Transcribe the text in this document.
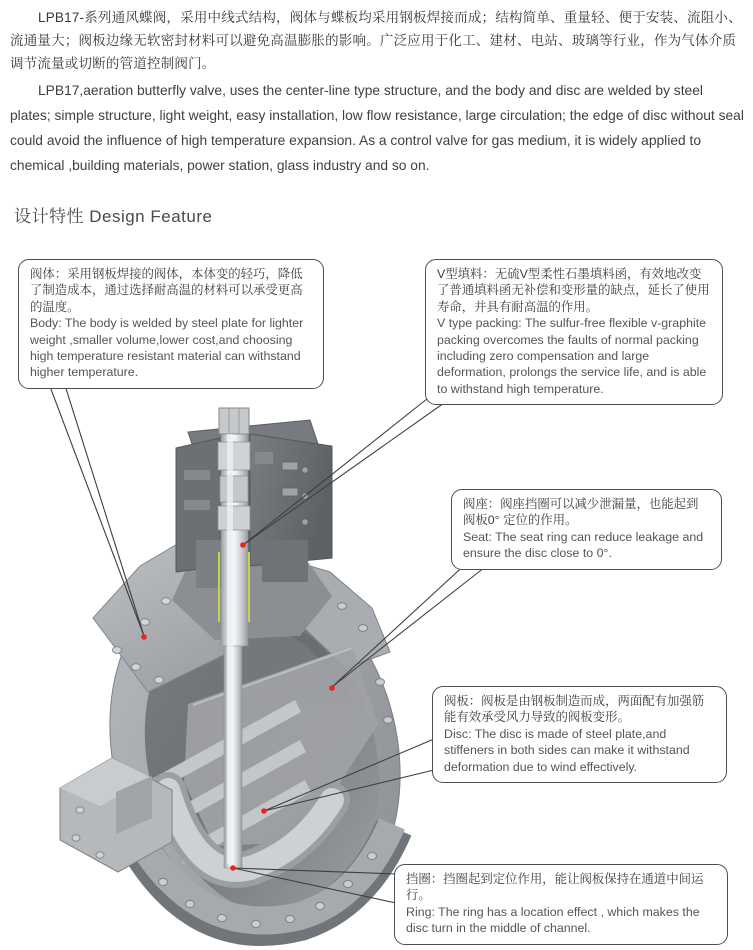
LPB17-系列通风蝶阀，采用中线式结构，阀体与蝶板均采用钢板焊接而成；结构简单、重量轻、便于安装、流阻小、流通量大；阀板边缘无软密封材料可以避免高温膨胀的影响。广泛应用于化工、建材、电站、玻璃等行业，作为气体介质调节流量或切断的管道控制阀门。

LPB17,aeration butterfly valve, uses the center-line type structure, and the body and disc are welded by steel plates; simple structure, light weight, easy installation, low flow resistance, large circulation; the edge of disc without seal could avoid the influence of high temperature expansion. As a control valve for gas medium, it is widely applied to chemical ,building materials, power station, glass industry and so on.

设计特性 Design Feature
阀体：采用钢板焊接的阀体，本体变的轻巧，降低了制造成本，通过选择耐高温的材料可以承受更高的温度。
Body: The body is welded by steel plate for lighter weight ,smaller volume,lower cost,and choosing high temperature resistant material can withstand higher temperature.
V型填料：无硫V型柔性石墨填料函，有效地改变了普通填料函无补偿和变形量的缺点，延长了使用寿命，并具有耐高温的作用。
V type packing: The sulfur-free flexible v-graphite packing overcomes the faults of normal packing including zero compensation and large deformation, prolongs the service life, and is able to withstand high temperature.
阀座：阀座挡圈可以减少泄漏量，也能起到阀板0° 定位的作用。
Seat: The seat ring can reduce leakage and ensure the disc close to 0°.
阀板：阀板是由钢板制造而成，两面配有加强筋能有效承受风力导致的阀板变形。
Disc: The disc is made of steel plate,and stiffeners in both sides can make it withstand deformation due to wind effectively.
挡圈：挡圈起到定位作用，能让阀板保持在通道中间运行。
Ring: The ring has a location effect , which makes the disc turn in the middle of channel.
